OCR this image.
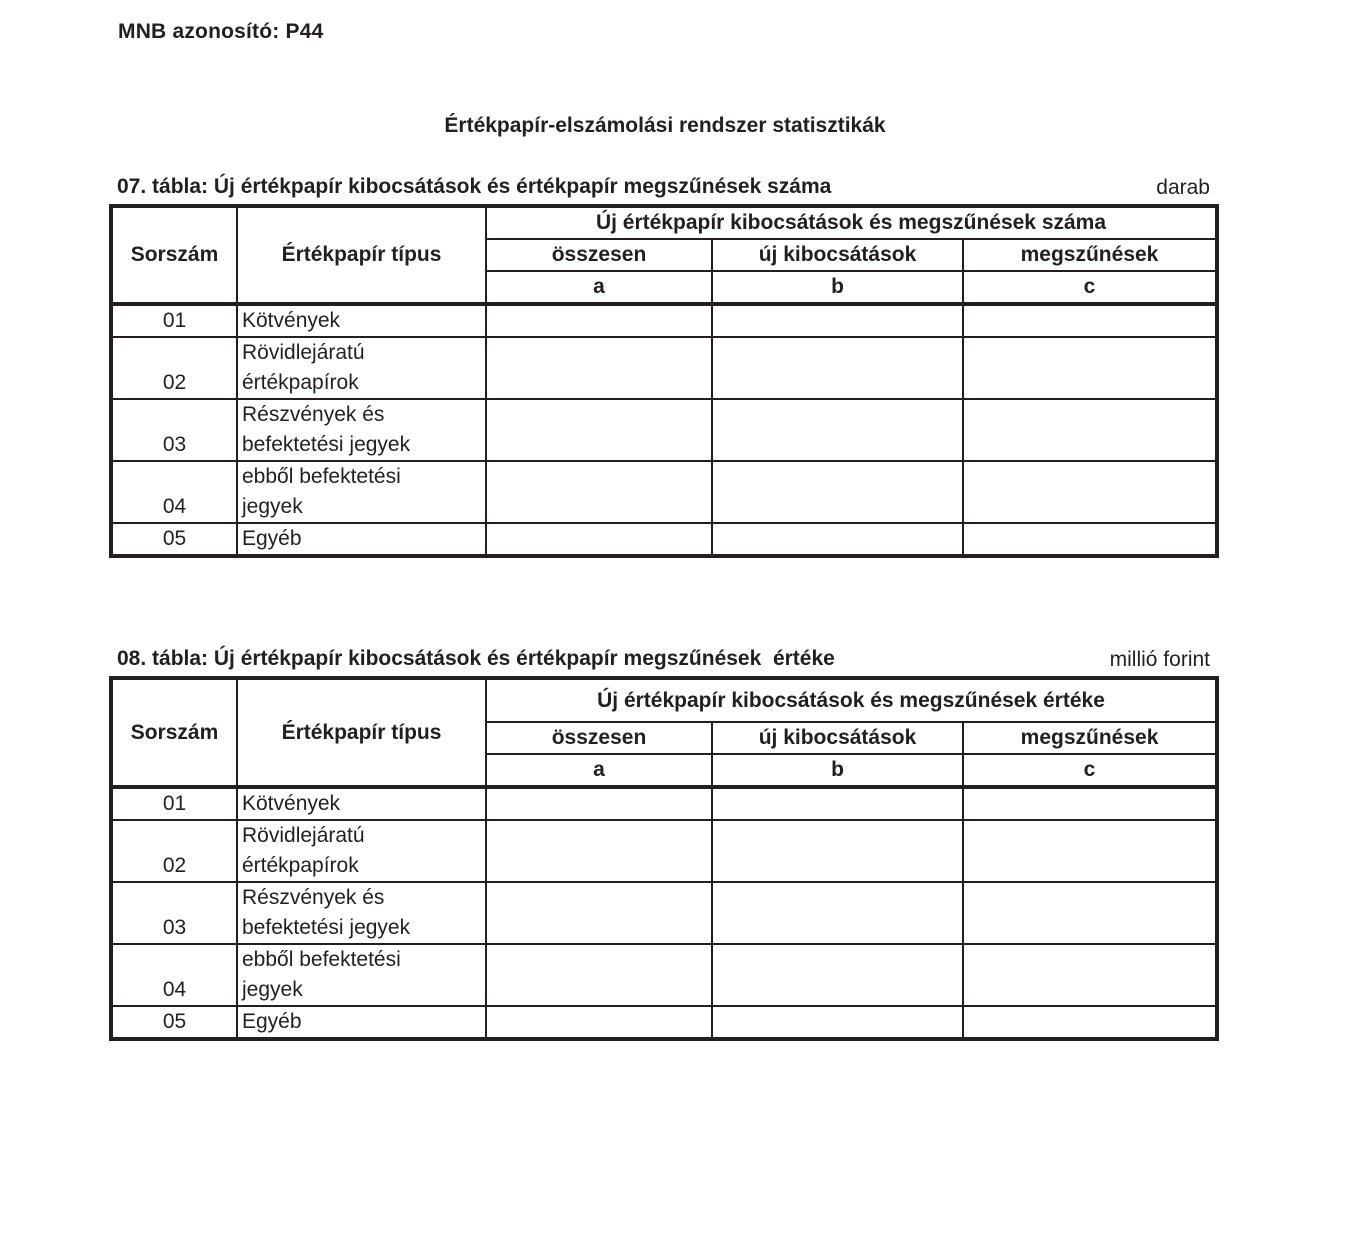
MNB azonosító: P44
Értékpapír-elszámolási rendszer statisztikák
07. tábla: Új értékpapír kibocsátások és értékpapír megszűnések száma	darab
Sorszám	Értékpapír típus	Új értékpapír kibocsátások és megszűnések száma		
		összesen	új kibocsátások	megszűnések
		a	b	c
01	Kötvények			

02	Rövidlejáratú
értékpapírok			

03	Részvények és
befektetési jegyek			

04	ebből befektetési
jegyek			

05	Egyéb			

08. tábla: Új értékpapír kibocsátások és értékpapír megszűnések  értéke	millió forint
Sorszám	Értékpapír típus	Új értékpapír kibocsátások és megszűnések értéke		
		összesen	új kibocsátások	megszűnések
		a	b	c
01	Kötvények			

02	Rövidlejáratú
értékpapírok			

03	Részvények és
befektetési jegyek			

04	ebből befektetési
jegyek			

05	Egyéb			
